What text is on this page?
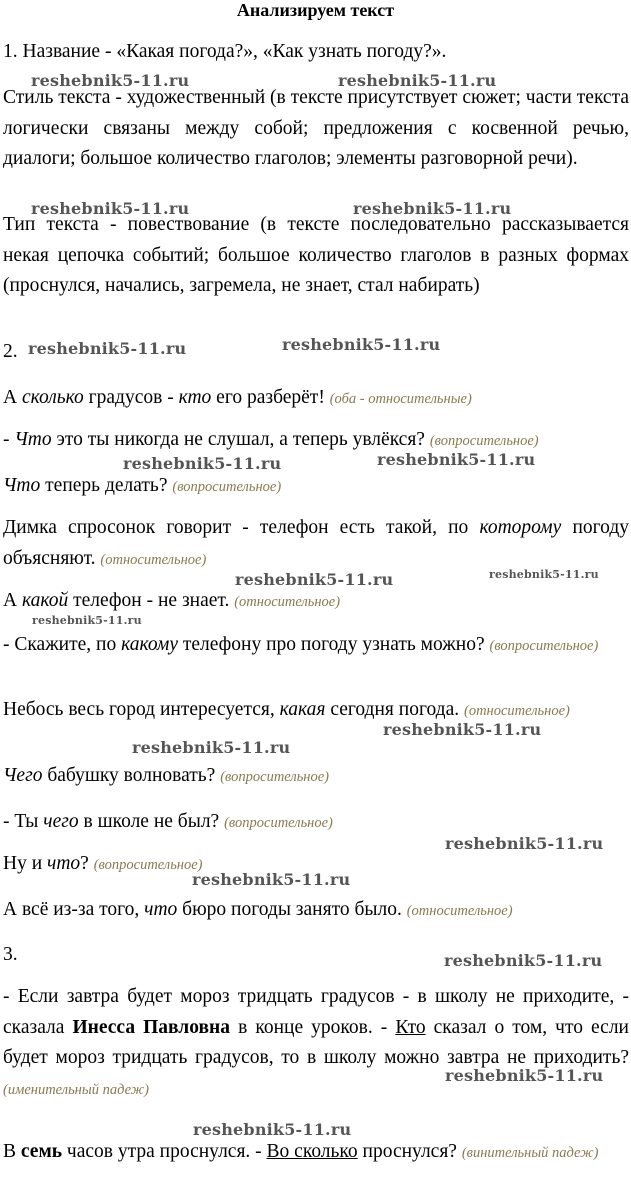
Анализируем текст
1. Название - «Какая погода?», «Как узнать погоду?».
Стиль текста - художественный (в тексте присутствует сюжет; части текста логически связаны между собой; предложения с косвенной речью, диалоги; большое количество глаголов; элементы разговорной речи).
Тип текста - повествование (в тексте последовательно рассказывается некая цепочка событий; большое количество глаголов в разных формах (проснулся, начались, загремела, не знает, стал набирать)
2.
А сколько градусов - кто его разберёт! (оба - относительные)
- Что это ты никогда не слушал, а теперь увлёкся? (вопросительное)
Что теперь делать? (вопросительное)
Димка спросонок говорит - телефон есть такой, по которому погоду объясняют. (относительное)
А какой телефон - не знает. (относительное)
- Скажите, по какому телефону про погоду узнать можно? (вопросительное)
Небось весь город интересуется, какая сегодня погода. (относительное)
Чего бабушку волновать? (вопросительное)
- Ты чего в школе не был? (вопросительное)
Ну и что? (вопросительное)
А всё из-за того, что бюро погоды занято было. (относительное)
3.
- Если завтра будет мороз тридцать градусов - в школу не приходите, - сказала Инесса Павловна в конце уроков. - Кто сказал о том, что если будет мороз тридцать градусов, то в школу можно завтра не приходить? (именительный падеж)
В семь часов утра проснулся. - Во сколько проснулся? (винительный падеж)
reshebnik5-11.ru	reshebnik5-11.ru
reshebnik5-11.ru	reshebnik5-11.ru
reshebnik5-11.ru	reshebnik5-11.ru
reshebnik5-11.ru	reshebnik5-11.ru
reshebnik5-11.ru	reshebnik5-11.ru
reshebnik5-11.ru
reshebnik5-11.ru
reshebnik5-11.ru
reshebnik5-11.ru
reshebnik5-11.ru
reshebnik5-11.ru
reshebnik5-11.ru
reshebnik5-11.ru
